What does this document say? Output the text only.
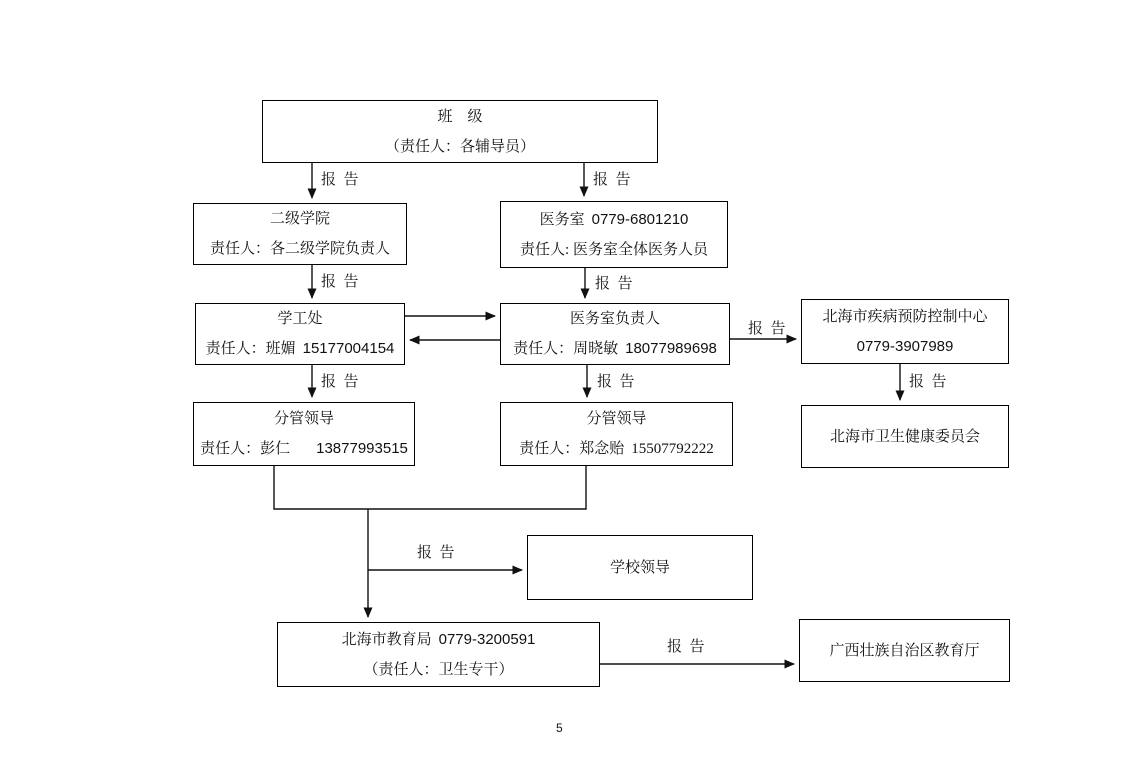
班　级
（责任人：各辅导员）
二级学院
责任人：各二级学院负责人
医务室 0779-6801210
责任人: 医务室全体医务人员
学工处
责任人：班媚 15177004154
医务室负责人
责任人：周晓敏 18077989698
北海市疾病预防控制中心
0779-3907989
分管领导
责任人：彭仁 13877993515
分管领导
责任人：郑念贻 15507792222
北海市卫生健康委员会
学校领导
北海市教育局 0779-3200591
（责任人：卫生专干）
广西壮族自治区教育厅
报  告	报  告
报  告	报  告
报  告	报  告
报  告
报  告
报  告
报  告
5
